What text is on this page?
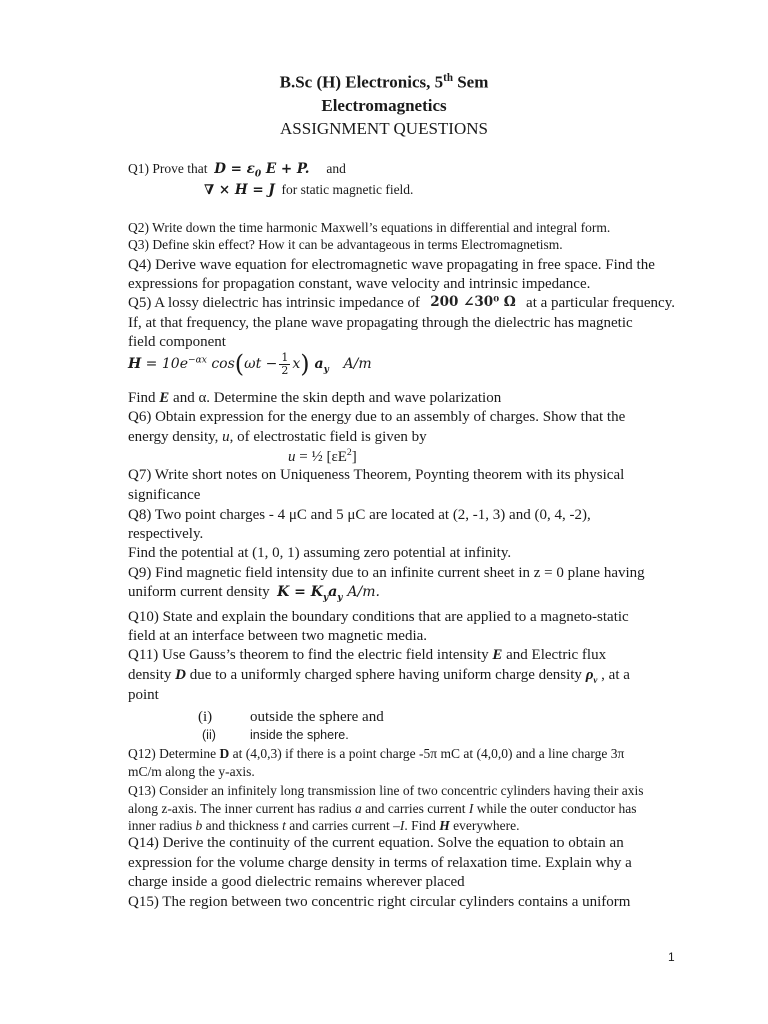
B.Sc (H) Electronics, 5th Sem
Electromagnetics
ASSIGNMENT QUESTIONS
Q1) Prove that $D = \varepsilon_0$ E + P. and
∇ × H = J for static magnetic field.
Q2) Write down the time harmonic Maxwell’s equations in differential and integral form.
Q3) Define skin effect? How it can be advantageous in terms Electromagnetism.
Q4) Derive wave equation for electromagnetic wave propagating in free space. Find the
expressions for propagation constant, wave velocity and intrinsic impedance.
Q5) A lossy dielectric has intrinsic impedance of 200 ∠30⁰ Ω at a particular frequency.
If, at that frequency, the plane wave propagating through the dielectric has magnetic
field component
$H = 10e^{-\alpha x}$ $\cos(\omega t - \frac{1}{2} x)$ $a_y$ A/m
Find E and α. Determine the skin depth and wave polarization
Q6) Obtain expression for the energy due to an assembly of charges. Show that the
energy density, u, of electrostatic field is given by
u = ½ $[\varepsilon E^2]$
Q7) Write short notes on Uniqueness Theorem, Poynting theorem with its physical
significance
Q8) Two point charges - 4 μC and 5 μC are located at (2, -1, 3) and (0, 4, -2),
respectively.
Find the potential at (1, 0, 1) assuming zero potential at infinity.
Q9) Find magnetic field intensity due to an infinite current sheet in z = 0 plane having
uniform current density $K = K_ya_y$ A/m.
Q10) State and explain the boundary conditions that are applied to a magneto-static
field at an interface between two magnetic media.
Q11) Use Gauss’s theorem to find the electric field intensity E and Electric flux
density D due to a uniformly charged sphere having uniform charge density $\rho_v$ , at a
point
(i)	outside the sphere and
(ii)	inside the sphere.
Q12) Determine D at (4,0,3) if there is a point charge -5π mC at (4,0,0) and a line charge 3π
mC/m along the y-axis.
Q13) Consider an infinitely long transmission line of two concentric cylinders having their axis
along z-axis. The inner current has radius a and carries current I while the outer conductor has
inner radius b and thickness t and carries current –I. Find H everywhere.
Q14) Derive the continuity of the current equation. Solve the equation to obtain an
expression for the volume charge density in terms of relaxation time. Explain why a
charge inside a good dielectric remains wherever placed
Q15) The region between two concentric right circular cylinders contains a uniform
1
